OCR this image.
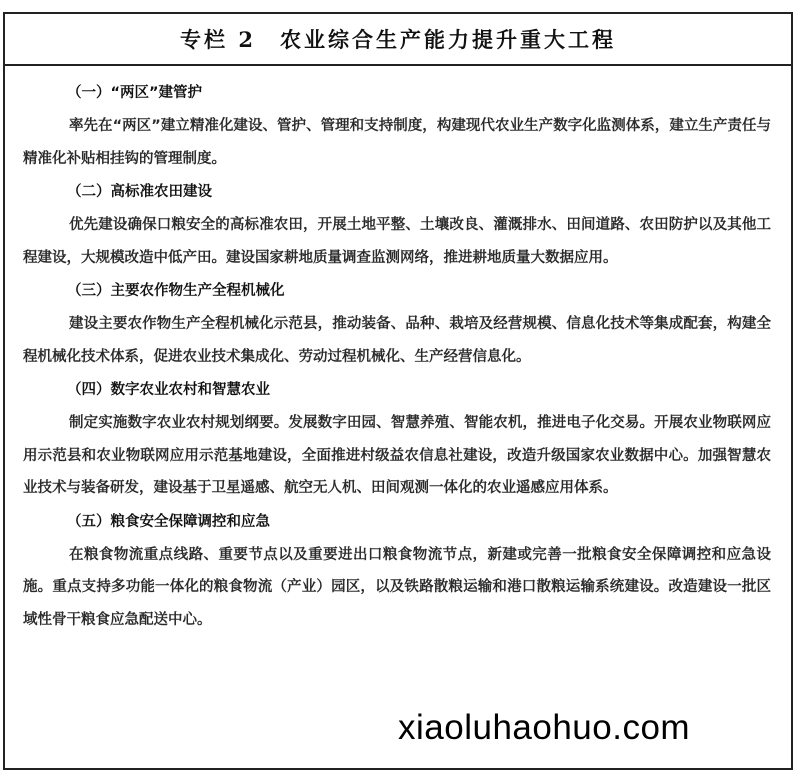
专栏 2　农业综合生产能力提升重大工程
（一）“两区”建管护

率先在“两区”建立精准化建设、管护、管理和支持制度，构建现代农业生产数字化监测体系，建立生产责任与精准化补贴相挂钩的管理制度。

（二）高标准农田建设

优先建设确保口粮安全的高标准农田，开展土地平整、土壤改良、灌溉排水、田间道路、农田防护以及其他工程建设，大规模改造中低产田。建设国家耕地质量调查监测网络，推进耕地质量大数据应用。

（三）主要农作物生产全程机械化

建设主要农作物生产全程机械化示范县，推动装备、品种、栽培及经营规模、信息化技术等集成配套，构建全程机械化技术体系，促进农业技术集成化、劳动过程机械化、生产经营信息化。

（四）数字农业农村和智慧农业

制定实施数字农业农村规划纲要。发展数字田园、智慧养殖、智能农机，推进电子化交易。开展农业物联网应用示范县和农业物联网应用示范基地建设，全面推进村级益农信息社建设，改造升级国家农业数据中心。加强智慧农业技术与装备研发，建设基于卫星遥感、航空无人机、田间观测一体化的农业遥感应用体系。

（五）粮食安全保障调控和应急

在粮食物流重点线路、重要节点以及重要进出口粮食物流节点，新建或完善一批粮食安全保障调控和应急设施。重点支持多功能一体化的粮食物流（产业）园区，以及铁路散粮运输和港口散粮运输系统建设。改造建设一批区域性骨干粮食应急配送中心。

xiaoluhaohuo.com
